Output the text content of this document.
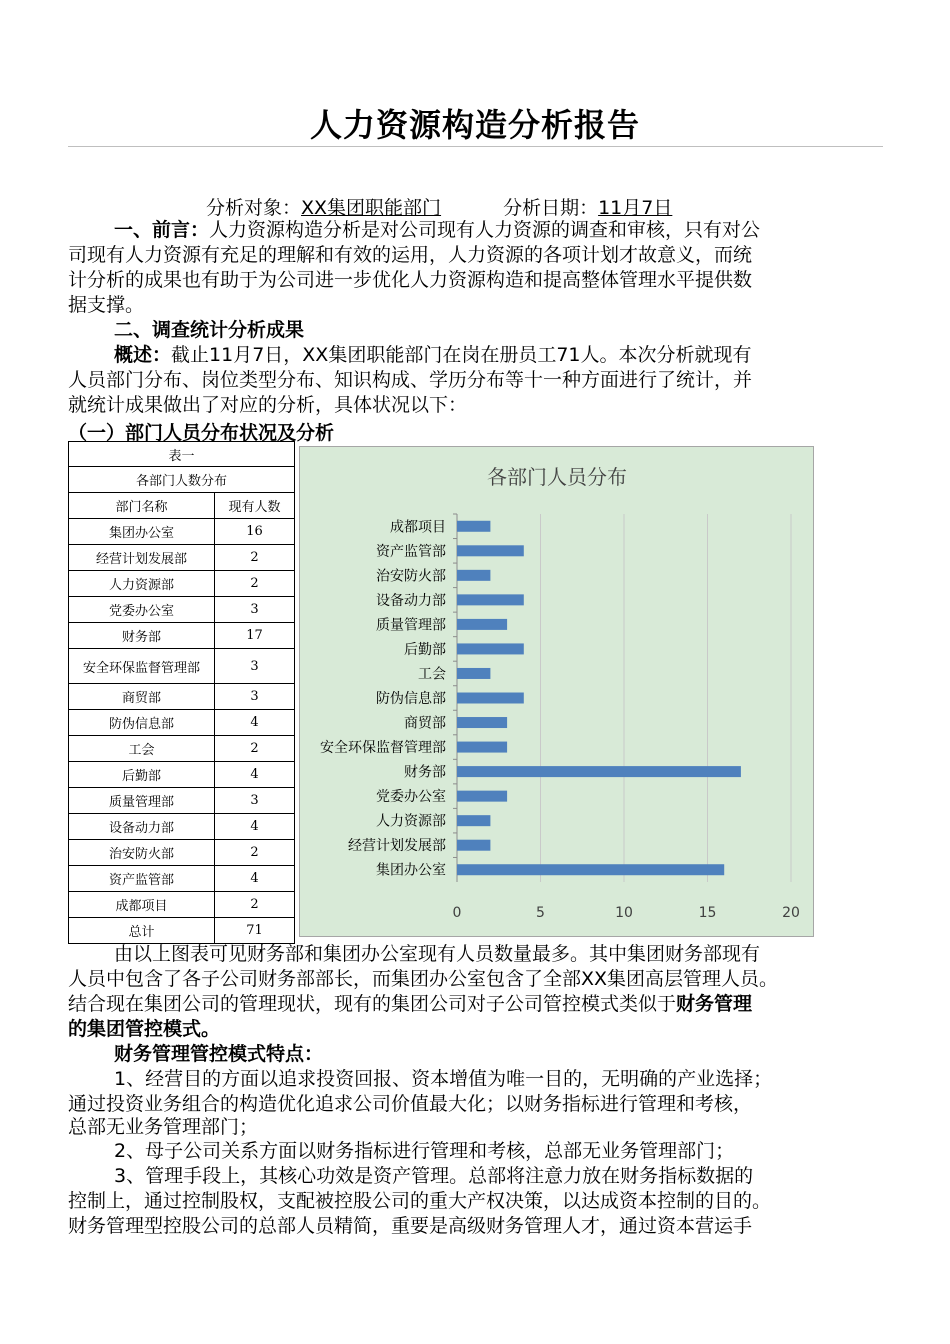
人力资源构造分析报告
分析对象：XX集团职能部门	分析日期：11月7日
一、前言：人力资源构造分析是对公司现有人力资源的调查和审核，只有对公
司现有人力资源有充足的理解和有效的运用，人力资源的各项计划才故意义，而统
计分析的成果也有助于为公司进一步优化人力资源构造和提高整体管理水平提供数
据支撑。
二、调查统计分析成果
概述：截止11月7日，XX集团职能部门在岗在册员工71人。本次分析就现有
人员部门分布、岗位类型分布、知识构成、学历分布等十一种方面进行了统计，并
就统计成果做出了对应的分析，具体状况以下：
（一）部门人员分布状况及分析
表一	
各部门人数分布	
部门名称	现有人数
集团办公室	16
经营计划发展部	2
人力资源部	2
党委办公室	3
财务部	17
安全环保监督管理部	3
商贸部	3
防伪信息部	4
工会	2
后勤部	4
质量管理部	3
设备动力部	4
治安防火部	2
资产监管部	4
成都项目	2
总计	71
各部门人员分布
0	5	10	15	20
成都项目
资产监管部
治安防火部
设备动力部
质量管理部
后勤部
工会
防伪信息部
商贸部
安全环保监督管理部
财务部
党委办公室
人力资源部
经营计划发展部
集团办公室
由以上图表可见财务部和集团办公室现有人员数量最多。其中集团财务部现有
人员中包含了各子公司财务部部长，而集团办公室包含了全部XX集团高层管理人员。
结合现在集团公司的管理现状，现有的集团公司对子公司管控模式类似于财务管理
的集团管控模式。
财务管理管控模式特点：
1、经营目的方面以追求投资回报、资本增值为唯一目的，无明确的产业选择；
通过投资业务组合的构造优化追求公司价值最大化；以财务指标进行管理和考核，
总部无业务管理部门；
2、母子公司关系方面以财务指标进行管理和考核，总部无业务管理部门；
3、管理手段上，其核心功效是资产管理。总部将注意力放在财务指标数据的
控制上，通过控制股权，支配被控股公司的重大产权决策，以达成资本控制的目的。
财务管理型控股公司的总部人员精简，重要是高级财务管理人才，通过资本营运手
